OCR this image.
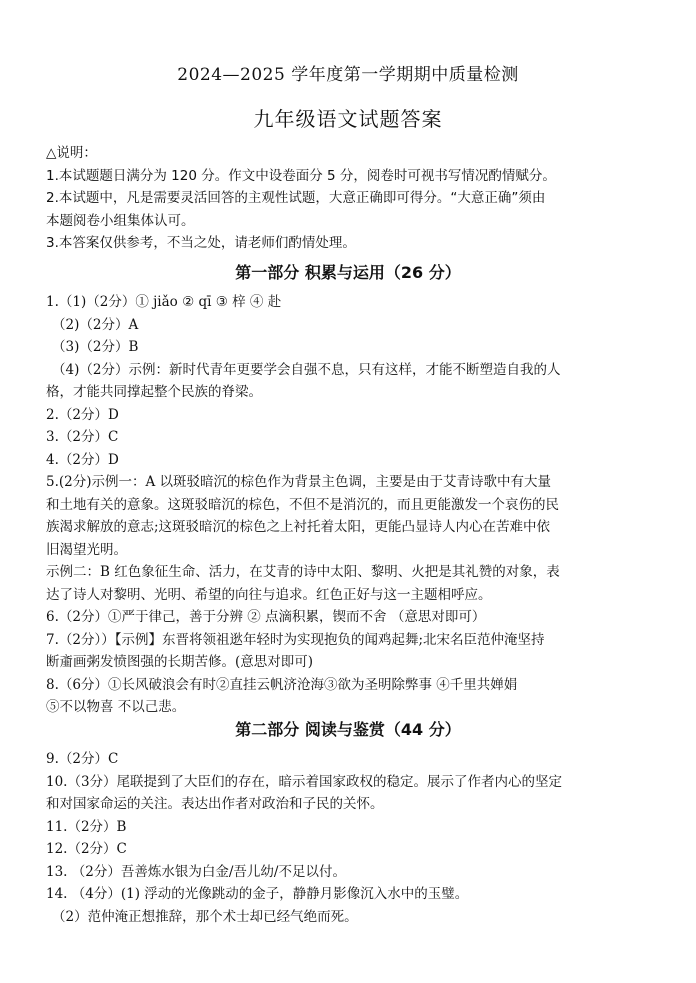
2024—2025 学年度第一学期期中质量检测
九年级语文试题答案
△说明：
1.本试题题日满分为 120 分。作文中设卷面分 5 分，阅卷时可视书写情况酌情赋分。
2.本试题中，凡是需要灵活回答的主观性试题，大意正确即可得分。“大意正确”须由
本题阅卷小组集体认可。
3.本答案仅供参考，不当之处，请老师们酌情处理。
第一部分 积累与运用（26 分）
1.（1)（2分）① jiǎo ② qī ③ 梓 ④ 赴
（2)（2分）A
（3)（2分）B
（4)（2分）示例：新时代青年更要学会自强不息，只有这样，才能不断塑造自我的人
格，才能共同撑起整个民族的脊梁。
2.（2分）D
3.（2分）C
4.（2分）D
5.(2分)示例一：A 以斑驳暗沉的棕色作为背景主色调，主要是由于艾青诗歌中有大量
和土地有关的意象。这斑驳暗沉的棕色，不但不是消沉的，而且更能激发一个哀伤的民
族渴求解放的意志;这斑驳暗沉的棕色之上衬托着太阳，更能凸显诗人内心在苦难中依
旧渴望光明。
示例二：B 红色象征生命、活力，在艾青的诗中太阳、黎明、火把是其礼赞的对象，表
达了诗人对黎明、光明、希望的向往与追求。红色正好与这一主题相呼应。
6.（2分）①严于律己，善于分辨 ② 点滴积累，锲而不舍 （意思对即可）
7.（2分））【示例】东晋将领祖逖年轻时为实现抱负的闻鸡起舞;北宋名臣范仲淹坚持
断齑画粥发愤图强的长期苦修。(意思对即可)
8.（6分）①长风破浪会有时②直挂云帆济沧海③欲为圣明除弊事 ④千里共婵娟
⑤不以物喜 不以己悲。
第二部分 阅读与鉴赏（44 分）
9.（2分）C
10.（3分）尾联提到了大臣们的存在，暗示着国家政权的稳定。展示了作者内心的坚定
和对国家命运的关注。表达出作者对政治和子民的关怀。
11.（2分）B
12.（2分）C
13. （2分）吾善炼水银为白金/吾儿幼/不足以付。
14. （4分）(1) 浮动的光像跳动的金子，静静月影像沉入水中的玉璧。
（2）范仲淹正想推辞，那个术士却已经气绝而死。
